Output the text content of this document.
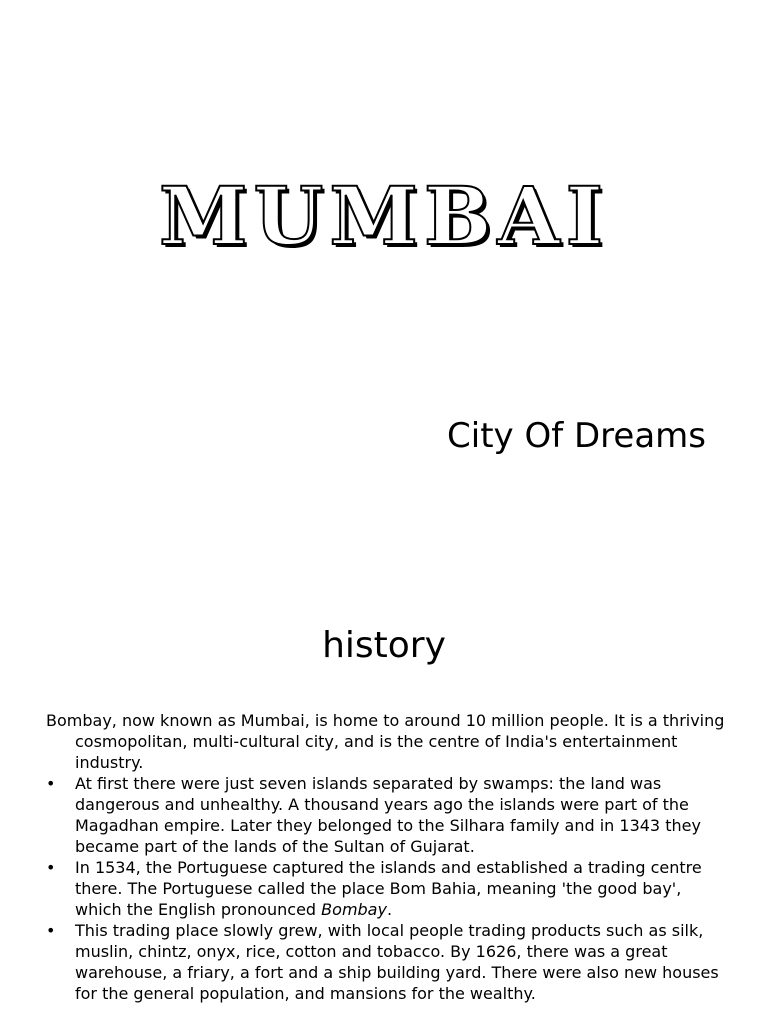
MUMBAI
City Of Dreams
history

Bombay, now known as Mumbai, is home to around 10 million people. It is a thriving cosmopolitan, multi-cultural city, and is the centre of India's entertainment industry.

• At first there were just seven islands separated by swamps: the land was dangerous and unhealthy. A thousand years ago the islands were part of the Magadhan empire. Later they belonged to the Silhara family and in 1343 they became part of the lands of the Sultan of Gujarat.
• In 1534, the Portuguese captured the islands and established a trading centre there. The Portuguese called the place Bom Bahia, meaning 'the good bay', which the English pronounced Bombay.
• This trading place slowly grew, with local people trading products such as silk, muslin, chintz, onyx, rice, cotton and tobacco. By 1626, there was a great warehouse, a friary, a fort and a ship building yard. There were also new houses for the general population, and mansions for the wealthy.
